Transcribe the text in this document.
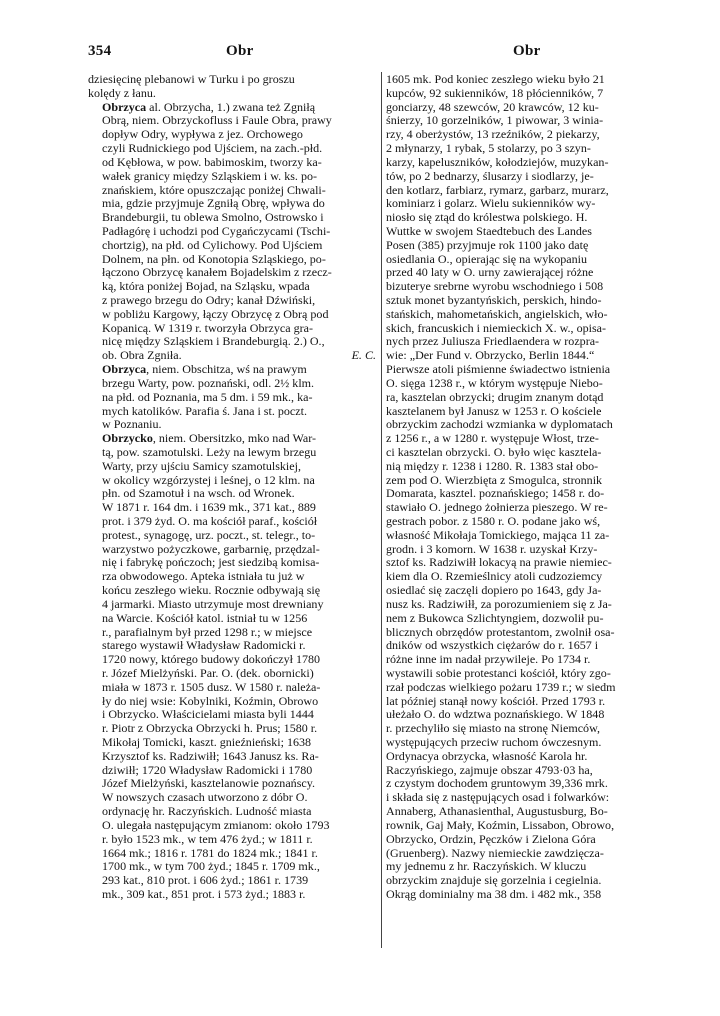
354	Obr	Obr

dziesięcinę plebanowi w Turku i po groszu
kolędy z łanu.

Obrzyca al. Obrzycha, 1.) zwana też Zgniłą
Obrą, niem. Obrzyckofluss i Faule Obra, prawy
dopływ Odry, wypływa z jez. Orchowego
czyli Rudnickiego pod Ujściem, na zach.-płd.
od Kębłowa, w pow. babimoskim, tworzy ka-
wałek granicy między Szląskiem i w. ks. po-
znańskiem, które opuszczając poniżej Chwali-
mia, gdzie przyjmuje Zgniłą Obrę, wpływa do
Brandeburgii, tu oblewa Smolno, Ostrowsko i
Padłagórę i uchodzi pod Cygańczycami (Tschi-
chortzig), na płd. od Cylichowy. Pod Ujściem
Dolnem, na płn. od Konotopia Szląskiego, po-
łączono Obrzycę kanałem Bojadelskim z rzecz-
ką, która poniżej Bojad, na Szląsku, wpada
z prawego brzegu do Odry; kanał Dźwiński,
w pobliżu Kargowy, łączy Obrzycę z Obrą pod
Kopanicą. W 1319 r. tworzyła Obrzyca gra-
nicę między Szląskiem i Brandeburgią. 2.) O.,
ob. Obra Zgniła.	E. C.

Obrzyca, niem. Obschitza, wś na prawym
brzegu Warty, pow. poznański, odl. 2½ klm.
na płd. od Poznania, ma 5 dm. i 59 mk., ka-
mych katolików. Parafia ś. Jana i st. poczt.
w Poznaniu.

Obrzycko, niem. Obersitzko, mko nad War-
tą, pow. szamotulski. Leży na lewym brzegu
Warty, przy ujściu Samicy szamotulskiej,
w okolicy wzgórzystej i leśnej, o 12 klm. na
płn. od Szamotuł i na wsch. od Wronek.
W 1871 r. 164 dm. i 1639 mk., 371 kat., 889
prot. i 379 żyd. O. ma kościół paraf., kościół
protest., synagogę, urz. poczt., st. telegr., to-
warzystwo pożyczkowe, garbarnię, przędzal-
nię i fabrykę pończoch; jest siedzibą komisa-
rza obwodowego. Apteka istniała tu już w
końcu zeszłego wieku. Rocznie odbywają się
4 jarmarki. Miasto utrzymuje most drewniany
na Warcie. Kościół katol. istniał tu w 1256
r., parafialnym był przed 1298 r.; w miejsce
starego wystawił Władysław Radomicki r.
1720 nowy, którego budowy dokończył 1780
r. Józef Mielżyński. Par. O. (dek. obornicki)
miała w 1873 r. 1505 dusz. W 1580 r. należa-
ły do niej wsie: Kobylniki, Koźmin, Obrowo
i Obrzycko. Właścicielami miasta byli 1444
r. Piotr z Obrzycka Obrzycki h. Prus; 1580 r.
Mikołaj Tomicki, kaszt. gnieźnieński; 1638
Krzysztof ks. Radziwiłł; 1643 Janusz ks. Ra-
dziwiłł; 1720 Władysław Radomicki i 1780
Józef Mielżyński, kasztelanowie poznańscy.
W nowszych czasach utworzono z dóbr O.
ordynację hr. Raczyńskich. Ludność miasta
O. ulegała następującym zmianom: około 1793
r. było 1523 mk., w tem 476 żyd.; w 1811 r.
1664 mk.; 1816 r. 1781 do 1824 mk.; 1841 r.
1700 mk., w tym 700 żyd.; 1845 r. 1709 mk.,
293 kat., 810 prot. i 606 żyd.; 1861 r. 1739
mk., 309 kat., 851 prot. i 573 żyd.; 1883 r.

1605 mk. Pod koniec zeszłego wieku było 21
kupców, 92 sukienników, 18 płócienników, 7
gonciarzy, 48 szewców, 20 krawców, 12 ku-
śnierzy, 10 gorzelników, 1 piwowar, 3 winia-
rzy, 4 oberżystów, 13 rzeźników, 2 piekarzy,
2 młynarzy, 1 rybak, 5 stolarzy, po 3 szyn-
karzy, kapeluszników, kołodziejów, muzykan-
tów, po 2 bednarzy, ślusarzy i siodlarzy, je-
den kotlarz, farbiarz, rymarz, garbarz, murarz,
kominiarz i golarz. Wielu sukienników wy-
niosło się ztąd do królestwa polskiego. H.
Wuttke w swojem Staedtebuch des Landes
Posen (385) przyjmuje rok 1100 jako datę
osiedlania O., opierając się na wykopaniu
przed 40 laty w O. urny zawierającej różne
bizuterye srebrne wyrobu wschodniego i 508
sztuk monet byzantyńskich, perskich, hindo-
stańskich, mahometańskich, angielskich, wło-
skich, francuskich i niemieckich X. w., opisa-
nych przez Juliusza Friedlaendera w rozpra-
wie: „Der Fund v. Obrzycko, Berlin 1844.“
Pierwsze atoli piśmienne świadectwo istnienia
O. sięga 1238 r., w którym występuje Niebo-
ra, kasztelan obrzycki; drugim znanym dotąd
kasztelanem był Janusz w 1253 r. O kościele
obrzyckim zachodzi wzmianka w dyplomatach
z 1256 r., a w 1280 r. występuje Włost, trze-
ci kasztelan obrzycki. O. było więc kasztela-
nią między r. 1238 i 1280. R. 1383 stał obo-
zem pod O. Wierzbięta z Smogulca, stronnik
Domarata, kasztel. poznańskiego; 1458 r. do-
stawiało O. jednego żołnierza pieszego. W re-
gestrach pobor. z 1580 r. O. podane jako wś,
własność Mikołaja Tomickiego, mająca 11 za-
grodn. i 3 komorn. W 1638 r. uzyskał Krzy-
sztof ks. Radziwiłł lokacyą na prawie niemiec-
kiem dla O. Rzemieślnicy atoli cudzoziemcy
osiedlać się zaczęli dopiero po 1643, gdy Ja-
nusz ks. Radziwiłł, za porozumieniem się z Ja-
nem z Bukowca Szlichtyngiem, dozwolił pu-
blicznych obrzędów protestantom, zwolnił osa-
dników od wszystkich ciężarów do r. 1657 i
różne inne im nadał przywileje. Po 1734 r.
wystawili sobie protestanci kościół, który zgo-
rzał podczas wielkiego pożaru 1739 r.; w siedm
lat później stanął nowy kościół. Przed 1793 r.
ułeżało O. do wdztwa poznańskiego. W 1848
r. przechyliło się miasto na stronę Niemców,
występujących przeciw ruchom ówczesnym.
Ordynacya obrzycka, własność Karola hr.
Raczyńskiego, zajmuje obszar 4793·03 ha,
z czystym dochodem gruntowym 39,336 mrk.
i składa się z następujących osad i folwarków:
Annaberg, Athanasienthal, Augustusburg, Bo-
rownik, Gaj Mały, Koźmin, Lissabon, Obrowo,
Obrzycko, Ordzin, Pęczków i Zielona Góra
(Gruenberg). Nazwy niemieckie zawdzięcza-
my jednemu z hr. Raczyńskich. W kluczu
obrzyckim znajduje się gorzelnia i cegielnia.
Okrąg dominialny ma 38 dm. i 482 mk., 358
